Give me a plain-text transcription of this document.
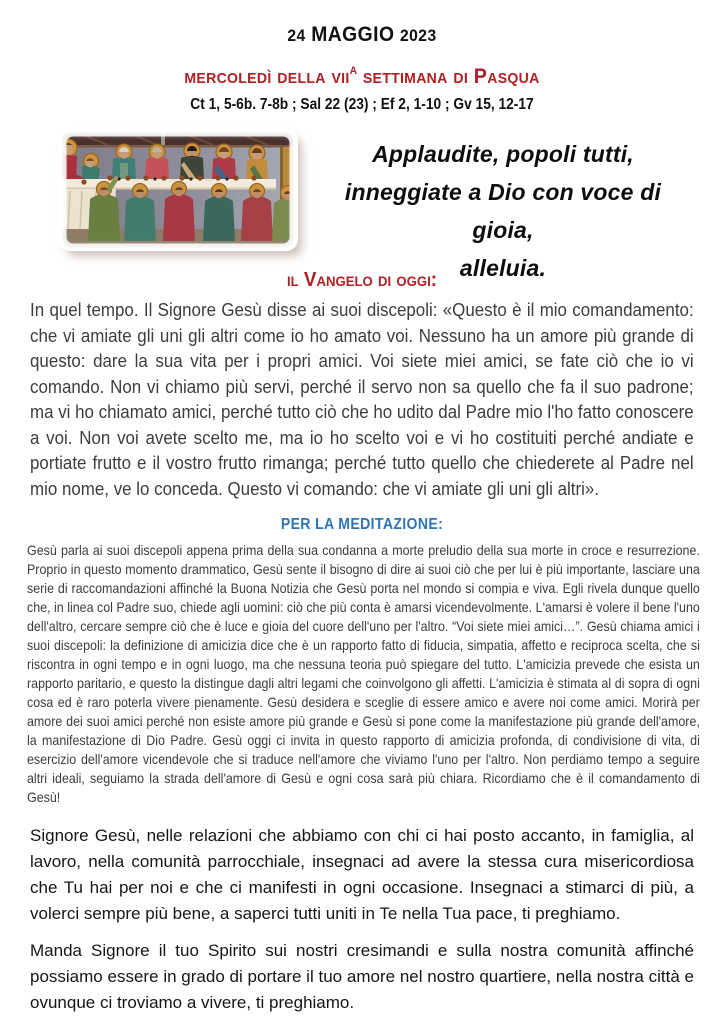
24 MAGGIO 2023
mercoledì della vii$^A$ settimana di Pasqua
Ct 1, 5-6b. 7-8b ; Sal 22 (23) ; Ef 2, 1-10 ; Gv 15, 12-17
Applaudite, popoli tutti,
inneggiate a Dio con voce di gioia,
alleluia.
il Vangelo di oggi:
In quel tempo. Il Signore Gesù disse ai suoi discepoli: «Questo è il mio comandamento: che vi amiate gli uni gli altri come io ho amato voi. Nessuno ha un amore più grande di questo: dare la sua vita per i propri amici. Voi siete miei amici, se fate ciò che io vi comando. Non vi chiamo più servi, perché il servo non sa quello che fa il suo padrone; ma vi ho chiamato amici, perché tutto ciò che ho udito dal Padre mio l'ho fatto conoscere a voi. Non voi avete scelto me, ma io ho scelto voi e vi ho costituiti perché andiate e portiate frutto e il vostro frutto rimanga; perché tutto quello che chiederete al Padre nel mio nome, ve lo conceda. Questo vi comando: che vi amiate gli uni gli altri».
PER LA MEDITAZIONE:
Gesù parla ai suoi discepoli appena prima della sua condanna a morte preludio della sua morte in croce e resurrezione. Proprio in questo momento drammatico, Gesù sente il bisogno di dire ai suoi ciò che per lui è più importante, lasciare una serie di raccomandazioni affinché la Buona Notizia che Gesù porta nel mondo si compia e viva. Egli rivela dunque quello che, in linea col Padre suo, chiede agli uomini: ciò che più conta è amarsi vicendevolmente. L'amarsi è volere il bene l'uno dell'altro, cercare sempre ciò che è luce e gioia del cuore dell'uno per l'altro. “Voi siete miei amici…”. Gesù chiama amici i suoi discepoli: la definizione di amicizia dice che è un rapporto fatto di fiducia, simpatia, affetto e reciproca scelta, che si riscontra in ogni tempo e in ogni luogo, ma che nessuna teoria può spiegare del tutto. L'amicizia prevede che esista un rapporto paritario, e questo la distingue dagli altri legami che coinvolgono gli affetti. L'amicizia è stimata al di sopra di ogni cosa ed è raro poterla vivere pienamente. Gesù desidera e sceglie di essere amico e avere noi come amici. Morirà per amore dei suoi amici perché non esiste amore più grande e Gesù si pone come la manifestazione più grande dell'amore, la manifestazione di Dio Padre. Gesù oggi ci invita in questo rapporto di amicizia profonda, di condivisione di vita, di esercizio dell'amore vicendevole che si traduce nell'amore che viviamo l'uno per l'altro. Non perdiamo tempo a seguire altri ideali, seguiamo la strada dell'amore di Gesù e ogni cosa sarà più chiara. Ricordiamo che è il comandamento di Gesù!
Signore Gesù, nelle relazioni che abbiamo con chi ci hai posto accanto, in famiglia, al lavoro, nella comunità parrocchiale, insegnaci ad avere la stessa cura misericordiosa che Tu hai per noi e che ci manifesti in ogni occasione. Insegnaci a stimarci di più, a volerci sempre più bene, a saperci tutti uniti in Te nella Tua pace, ti preghiamo.
Manda Signore il tuo Spirito sui nostri cresimandi e sulla nostra comunità affinché possiamo essere in grado di portare il tuo amore nel nostro quartiere, nella nostra città e ovunque ci troviamo a vivere, ti preghiamo.
